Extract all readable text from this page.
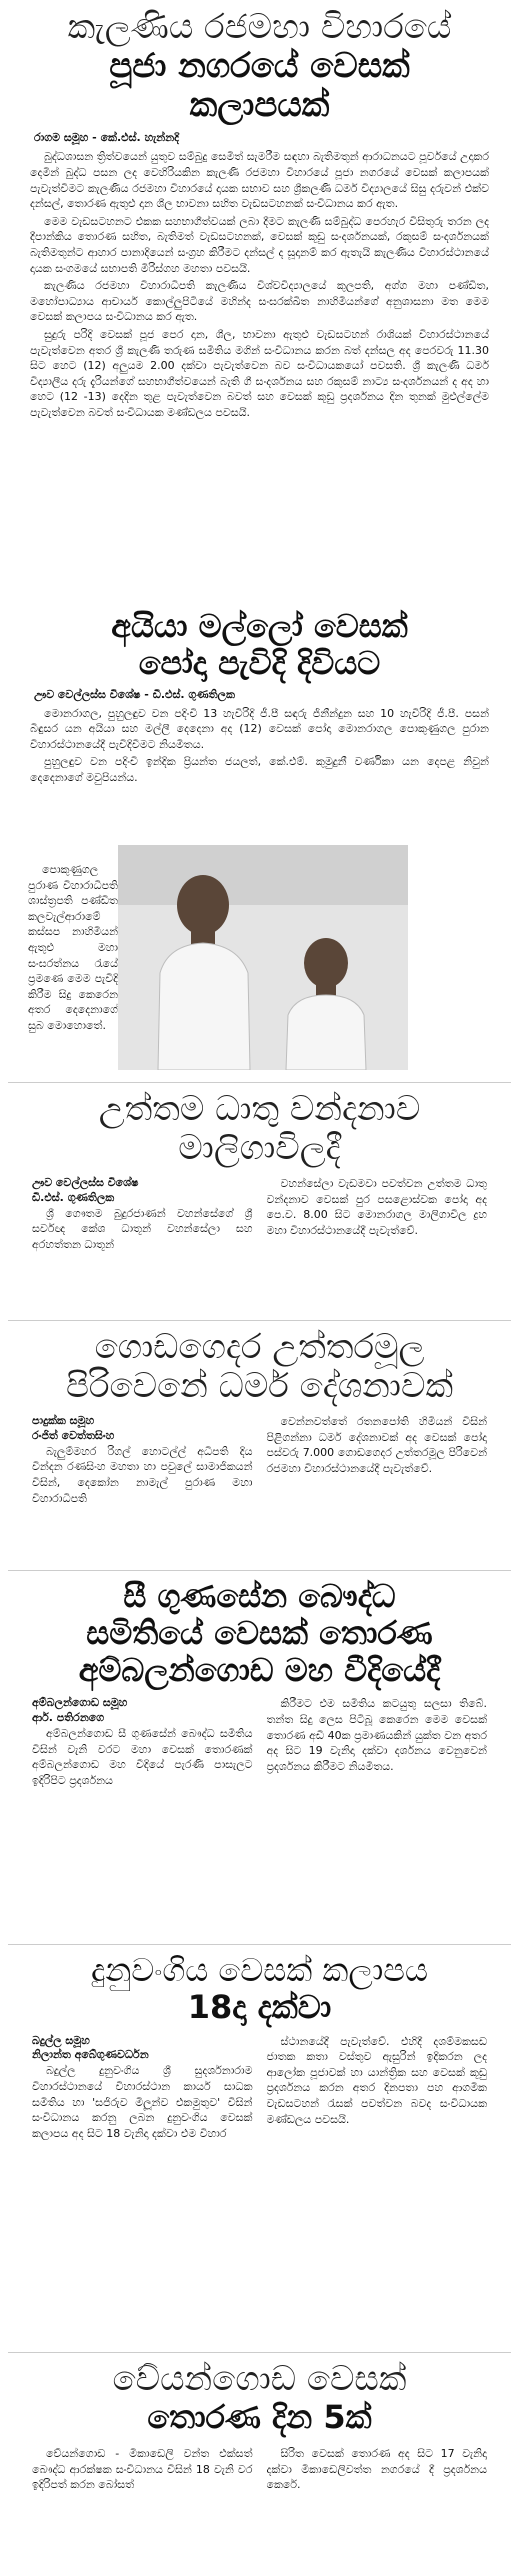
කැලණිය රජමහා විහාරයේ
පූජා නගරයේ වෙසක්
කලාපයක්
රාගම සමූහ - කේ.එස්. හැන්නදි

බුද්ධශාසන ත්‍රිත්වයෙන් යුතුව සම්බුදු සෙමිත් සැමරීම සඳහා බැතිමතුන් ආරාධනයට පූර්වයේ උදාකර දෙමින් බුද්ධ පසන ලද වෙහිරියකින කැලණි රජමහා විහාරයේ පූජා නගරයේ වෙසක් කලාපයක් පැවැත්වීමට කැලණිය රජමහා විහාරයේ දායක සභාව සහ ශ්‍රීකලණි ධර්ම විද්‍යාලයේ සිසු දරුවන් එක්ව දන්සල්, තොරණ ඇතුළු දාන ශීල භාවනා සහිත වැඩසටහනක් සංවිධානය කර ඇත.

මෙම වැඩසටහනට එකක සහභාගීත්වයක් ලබා දීමට කැලණි සම්බුද්ධ පෙරහැර විසිතුරු තරන ලද දීපාන්කිය තොරණ සහිත, බැතිමත් වැඩසටහනක්, වෙසක් කූඩු සංදර්ශනයක්, රකුසම් සංදර්ශනයක් බැතිමතුන්ට ආහාර පානාදියෙන් සංග්‍රහ කිරීමට දන්සල් ද සූදානම් කර ඇතැයි කැලණිය විහාරස්ථානයේ දායක සංගමයේ සභාපති මිරිස්ගහ මහතා පවසයි.

කැලණිය රජමහා විහාරාධිපති කැලණිය විශ්වවිද්‍යාලයේ කුලපති, අග්ග මහා පණ්ඩිත, මහෝපාධ්‍යාය ආචාර්ය කොල්ලුපිටියේ මහින්ද සංඝරක්ඛිත නාහිමියන්ගේ අනුශාසනා මත මෙම වෙසක් කලාපය සංවිධානය කර ඇත.

සුදුරු පරිදි වෙසක් පූජ පෙර දාන, ශීල, භාවනා ඇතුළු වැඩසටහන් රාශියක් විහාරස්ථානයේ පැවැත්වෙන අතර ශ්‍රී කැලණි තරුණ සමිතිය මගින් සංවිධානය කරන බත් දන්සල අද පෙරවරු 11.30 සිට හෙට (12) අලුයම 2.00 දක්වා පැවැත්වෙන බව සංවිධායකයෝ පවසති. ශ්‍රී කැලණි ධර්ම විද්‍යාලීය දරු දැරියන්ගේ සහභාගීත්වයෙන් බැති ගී සංදර්ශනය සහ රකුසම් නාට්‍ය සංදර්ශනයන් ද අද හා හෙට (12 -13) දෙදින තුළ පැවැත්වෙන බවත් සහ වෙසක් කූඩු ප්‍රදර්ශනය දින තුනක් මුළුල්ලේම පැවැත්වෙන බවත් සංවිධායක මණ්ඩලය පවසයි.

අයියා මල්ලෝ වෙසක්
පෝදා පැවිදි දිවියට
ඌව වෙල්ලස්ස විශේෂ - ඩී.එස්. ගුණතිලක

මොනරාගල, පුහුලඳුව වන පදිංචි 13 හැවිරිදි ජී.පී සඳරු ජිනීන්දුන සහ 10 හැවිරිදි ජී.පී. පසන් බිඳුසර යන අයියා සහ මල්ලී දෙදෙනා අද (12) වෙසක් පෝදා මොනරාගල පොකුණුගල පුරාන විහාරස්ථානයේදී පැවිදිවීමට නියමිතය.

පුහුලඳුව වන පදිංචි ඉන්දික ප්‍රියන්ත ජයලත්, කේ.එම්. කුමුදුනී වර්ණිකා යන දෙපළ නිවුන් දෙදෙනාගේ මවුපියන්ය.

පොකුණුගල පුරාණ විහාරාධිපති ශාස්ත්‍රපති පණ්ඩිත කලවැල්ආරාමේ කස්සප නාහිමියන් ඇතුළු මහා සංඝරත්නය රැයේ ප්‍රමණෙ මෙම පැවිදි කිරීම සිදු කෙරෙන අතර දෙදෙනාගේ සුබ මොහොතේ.

උත්තම ධාතු වන්දනාව
මාලිගාවිලදී
ඌව වෙල්ලස්ස විශේෂ
ඩී.එස්. ගුණතිලක

ශ්‍රී ගෞතම බුදුරජාණන් වහන්සේගේ ශ්‍රී සර්වඥ කේශ ධාතූන් වහන්සේලා සහ අරහත්තන ධාතූන්

වහන්සේලා වැඩමවා පවත්වන උත්තම ධාතු වන්දනාව වෙසක් පුර පසළොස්වක පෝදා අද පෙ.ව. 8.00 සිට මොනරාගල මාලිගාවිල ද්‍රහ මහා විහාරස්ථානයේදී පැවැත්වේ.

ගොඩගෙදර උත්තරමූල
පිරිවෙනේ ධර්ම දේශනාවක්
පාදුක්ක සමූහ
රංජිත් වෙත්තසිංහ

බැලුම්මහර රිගල් හොටල්ල් අධිපති දිය වින්දන රණසිංහ මහතා හා පවුලේ සාමාජිකයන් විසින්, දෙකෝන නාමැල් පුරාණ මහා විහාරාධිපති

වෙන්නවත්තේ රතනපෝති හිමියන් විසින් පිළිගන්නා ධර්ම දේශනාවක් අද වෙසක් පෝදා පස්වරු 7.000 ගොඩගෙදර උත්තරමූල පිරිවෙන් රජමහා විහාරස්ථානයේදී පැවැත්වේ.

සී ගුණසේන බෞද්ධ
සමිතියේ වෙසක් තොරණ
අම්බලන්ගොඩ මහ වීදියේදී
අම්බලන්ගොඩ සමූහ
ආර්. පතිරනගෙ

අම්බලන්ගොඩ සී ගුණසේන් බෞද්ධ සමිතිය විසින් වැනි වරට මහා වෙසක් තොරණක් අම්බලන්ගොඩ මහ වීදියේ පැරණි පාසැලට ඉදිරිපිට ප්‍රදර්ශනය

කිරීමට එම සමිතිය කටයුතු සලසා තිබේ. තන්ත සිදු ලෙස පිටිබූ කෙරෙන මෙම වෙසක් තොරණ අඩි 40ක ප්‍රමාණයකින් යුක්ත වන අතර අද සිට 19 වැනිදා දක්වා දර්ශනය වෙනුවෙන් ප්‍රදර්ශනය කිරීමට නියමිතය.

දුනුවංගිය වෙසක් කලාපය
18දා දක්වා
බදුල්ල සමූහ
නිලාන්ත අබේගුණවර්ධන

බදුල්ල දුනුවංගිය ශ්‍රී සුදර්ශනාරාම විහාරස්ථානයේ විහාරස්ථාන කාර්ය සාධක සමිතිය හා 'සජිරුව මිලූන්ව එකමුතුව' විසින් සංවිධානය කරනු ලබන දුනුවංගිය වෙසක් කලාපය අද සිට 18 වැනිදා දක්වා එම විහාර

ස්ථානයේදී පැවැත්වේ. එහිදී දශම්මකසඩ ජාතක කතා වස්තුව ඇසුරින් ඉදිකරන ලද ආලෝක පූජාවක් හා යාන්ත්‍රික සහ වෙසක් කූඩු ප්‍රදර්ශනය කරන අතර දිනපතා පහ ආගමික වැඩසටහන් රැසක් පවත්වන බවද සංවිධායක මණ්ඩලය පවසයි.

වේයන්ගොඩ වෙසක්
තොරණ දින 5ක්

වේයන්ගොඩ - මිකාඩෙලි වන්ත එක්සත් බෞද්ධ ආරක්ෂක සංවිධානය විසින් 18 වැනි වර ඉදිරිපත් කරන බෝසත්

සිරිත වෙසක් තොරණ අද සිට 17 වැනිදා දක්වා මීකාඩෙලිවත්ත නගරයේ දී ප්‍රදර්ශනය කෙරේ.
